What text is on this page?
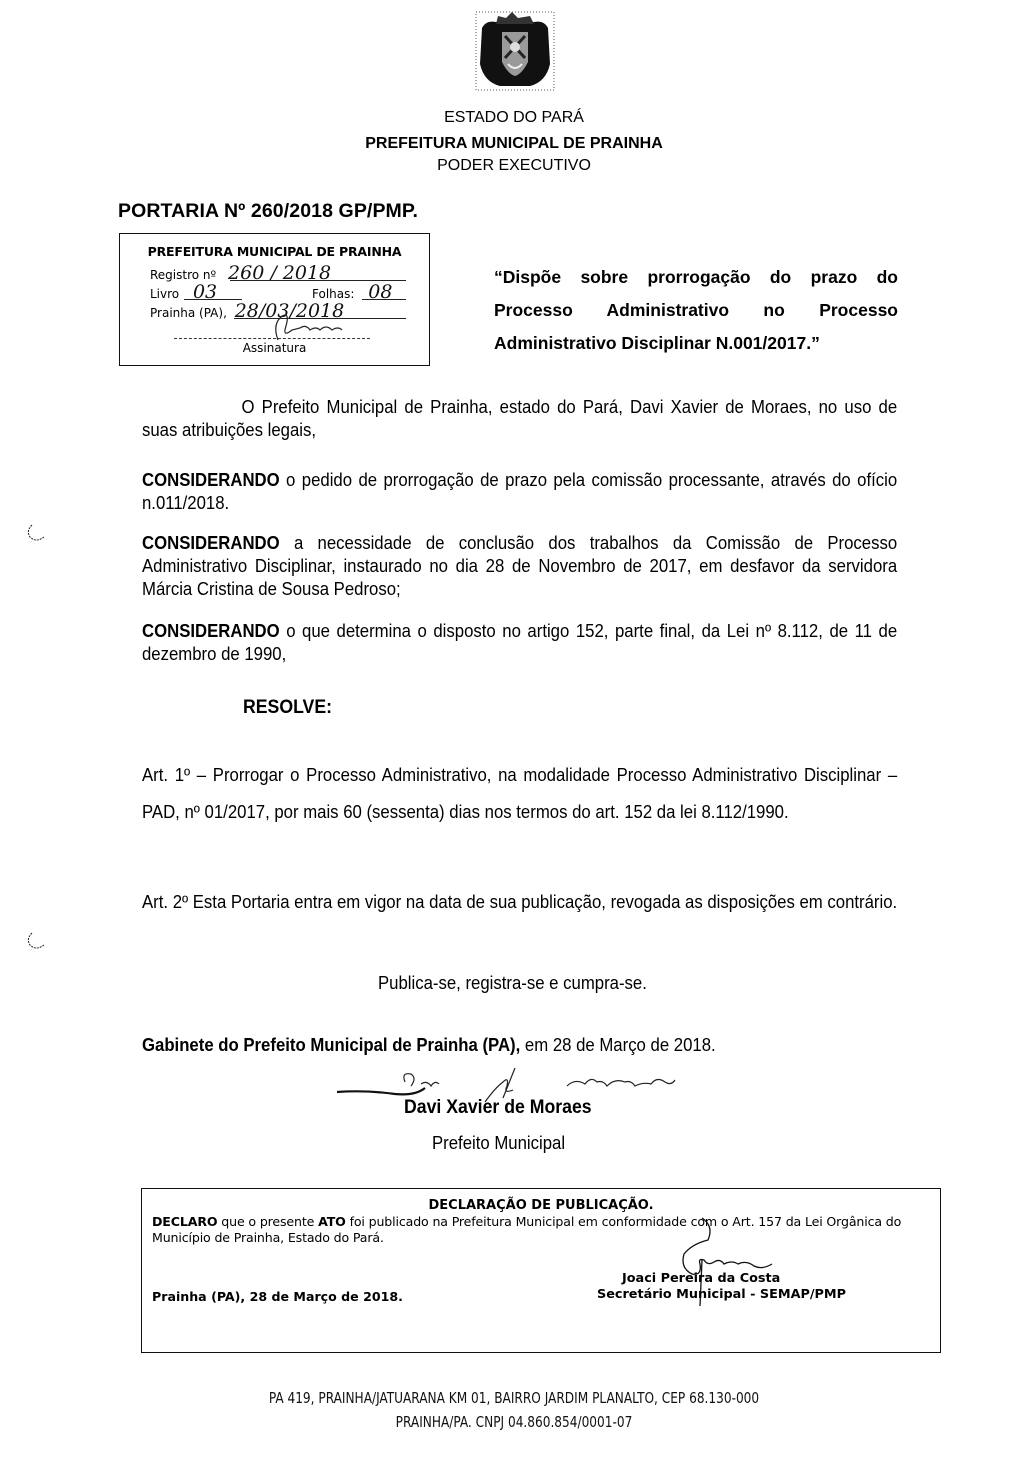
ESTADO DO PARÁ
PREFEITURA MUNICIPAL DE PRAINHA
PODER EXECUTIVO
PORTARIA Nº 260/2018 GP/PMP.
PREFEITURA MUNICIPAL DE PRAINHA
Registro nº 260 / 2018
Livro 03	Folhas: 08
Prainha (PA), 28/03/2018
Assinatura
“Dispõe sobre prorrogação do prazo do
Processo Administrativo no Processo
Administrativo Disciplinar N.001/2017.”
O Prefeito Municipal de Prainha, estado do Pará, Davi Xavier de Moraes, no uso de suas atribuições legais,
CONSIDERANDO o pedido de prorrogação de prazo pela comissão processante, através do ofício n.011/2018.
CONSIDERANDO a necessidade de conclusão dos trabalhos da Comissão de Processo Administrativo Disciplinar, instaurado no dia 28 de Novembro de 2017, em desfavor da servidora Márcia Cristina de Sousa Pedroso;
CONSIDERANDO o que determina o disposto no artigo 152, parte final, da Lei nº 8.112, de 11 de dezembro de 1990,
RESOLVE:
Art. 1º – Prorrogar o Processo Administrativo, na modalidade Processo Administrativo Disciplinar – PAD, nº 01/2017, por mais 60 (sessenta) dias nos termos do art. 152 da lei 8.112/1990.
Art. 2º Esta Portaria entra em vigor na data de sua publicação, revogada as disposições em contrário.
Publica-se, registra-se e cumpra-se.
Gabinete do Prefeito Municipal de Prainha (PA), em 28 de Março de 2018.
Davi Xavier de Moraes
Prefeito Municipal
DECLARAÇÃO DE PUBLICAÇÃO.
DECLARO que o presente ATO foi publicado na Prefeitura Municipal em conformidade com o Art. 157 da Lei Orgânica do Município de Prainha, Estado do Pará.
Prainha (PA), 28 de Março de 2018.
Joaci Pereira da Costa
Secretário Municipal - SEMAP/PMP
PA 419, PRAINHA/JATUARANA KM 01, BAIRRO JARDIM PLANALTO, CEP 68.130-000
PRAINHA/PA. CNPJ 04.860.854/0001-07
